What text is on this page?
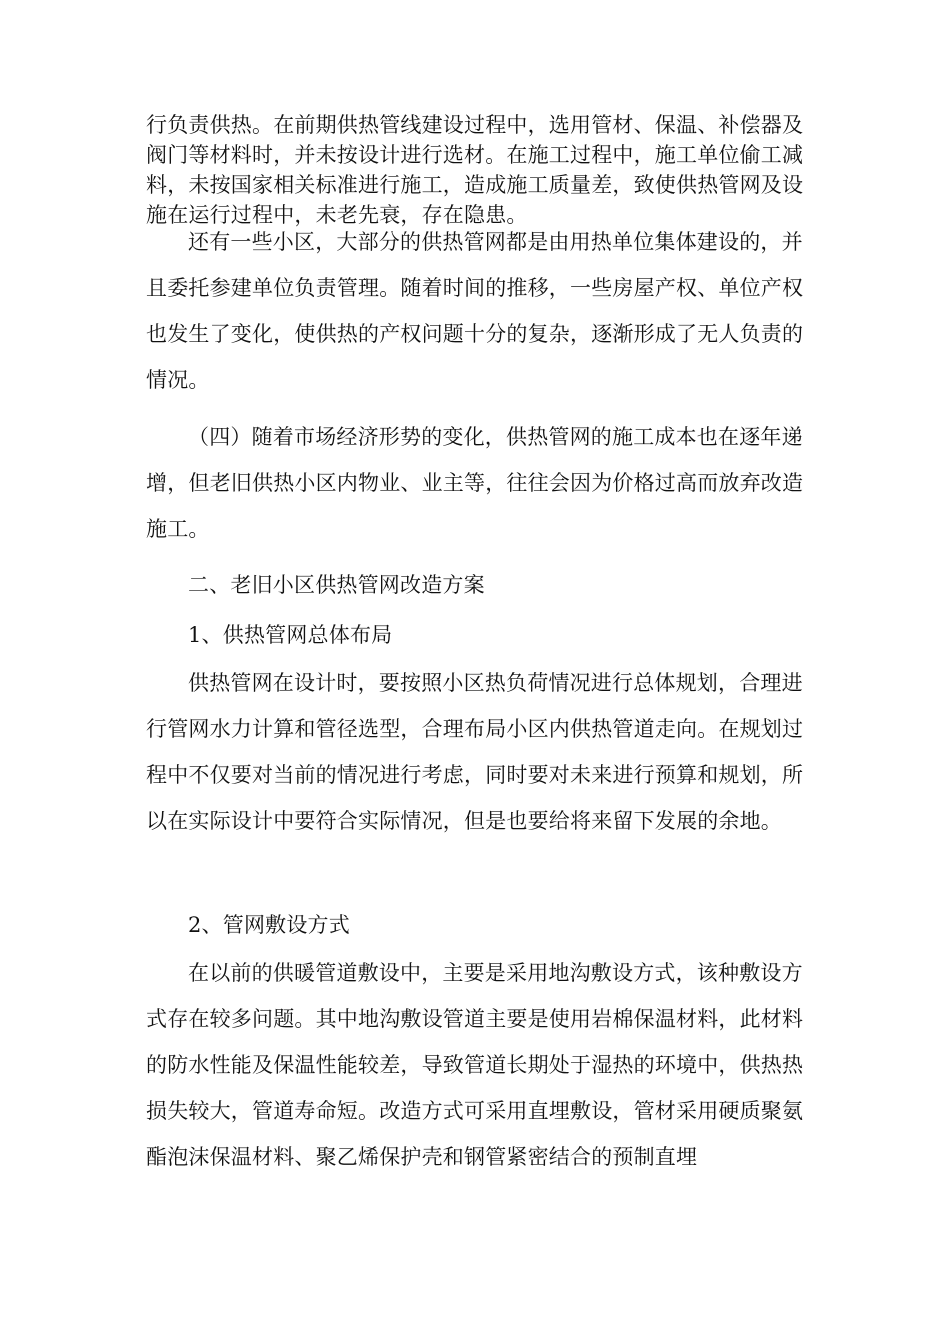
行负责供热。在前期供热管线建设过程中，选用管材、保温、补偿器及阀门等材料时，并未按设计进行选材。在施工过程中，施工单位偷工减料，未按国家相关标准进行施工，造成施工质量差，致使供热管网及设施在运行过程中，未老先衰，存在隐患。

还有一些小区，大部分的供热管网都是由用热单位集体建设的，并且委托参建单位负责管理。随着时间的推移，一些房屋产权、单位产权也发生了变化，使供热的产权问题十分的复杂，逐渐形成了无人负责的情况。

（四）随着市场经济形势的变化，供热管网的施工成本也在逐年递增，但老旧供热小区内物业、业主等，往往会因为价格过高而放弃改造施工。

二、老旧小区供热管网改造方案

1、供热管网总体布局

供热管网在设计时，要按照小区热负荷情况进行总体规划，合理进行管网水力计算和管径选型，合理布局小区内供热管道走向。在规划过程中不仅要对当前的情况进行考虑，同时要对未来进行预算和规划，所以在实际设计中要符合实际情况，但是也要给将来留下发展的余地。

2、管网敷设方式

在以前的供暖管道敷设中，主要是采用地沟敷设方式，该种敷设方式存在较多问题。其中地沟敷设管道主要是使用岩棉保温材料，此材料的防水性能及保温性能较差，导致管道长期处于湿热的环境中，供热热损失较大，管道寿命短。改造方式可采用直埋敷设，管材采用硬质聚氨酯泡沫保温材料、聚乙烯保护壳和钢管紧密结合的预制直埋
